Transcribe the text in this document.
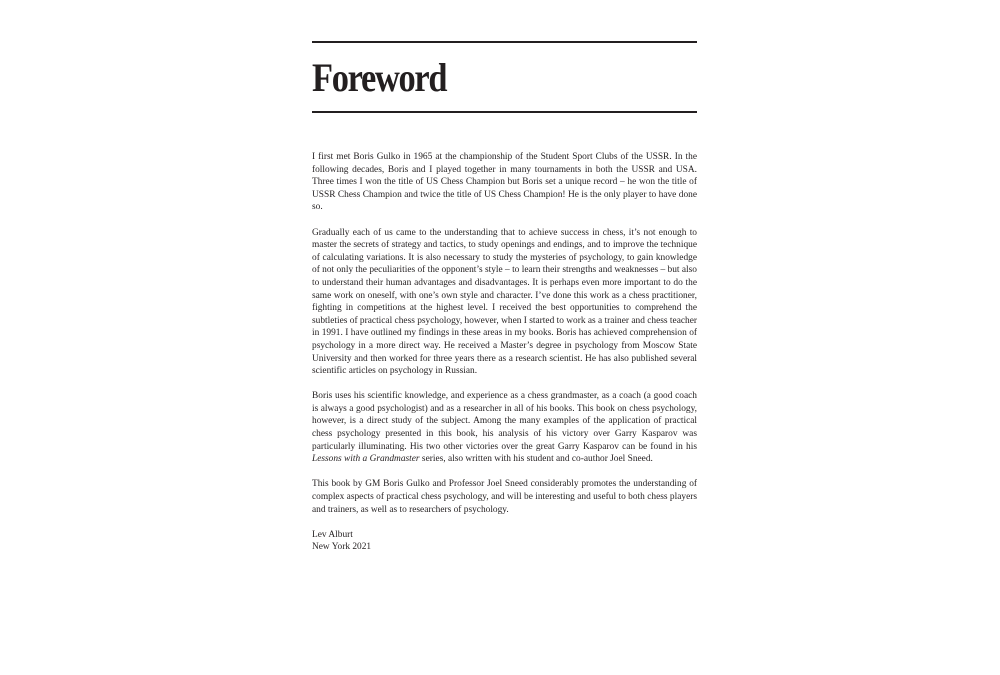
Foreword

I first met Boris Gulko in 1965 at the championship of the Student Sport Clubs of the USSR. In the following decades, Boris and I played together in many tournaments in both the USSR and USA. Three times I won the title of US Chess Champion but Boris set a unique record – he won the title of USSR Chess Champion and twice the title of US Chess Champion! He is the only player to have done so.

Gradually each of us came to the understanding that to achieve success in chess, it’s not enough to master the secrets of strategy and tactics, to study openings and endings, and to improve the technique of calculating variations. It is also necessary to study the mysteries of psychology, to gain knowledge of not only the peculiarities of the opponent’s style – to learn their strengths and weaknesses – but also to understand their human advantages and disadvantages. It is perhaps even more important to do the same work on oneself, with one’s own style and character. I’ve done this work as a chess practitioner, fighting in competitions at the highest level. I received the best opportunities to comprehend the subtleties of practical chess psychology, however, when I started to work as a trainer and chess teacher in 1991. I have outlined my findings in these areas in my books. Boris has achieved comprehension of psychology in a more direct way. He received a Master’s degree in psychology from Moscow State University and then worked for three years there as a research scientist. He has also published several scientific articles on psychology in Russian.

Boris uses his scientific knowledge, and experience as a chess grandmaster, as a coach (a good coach is always a good psychologist) and as a researcher in all of his books. This book on chess psychology, however, is a direct study of the subject. Among the many examples of the application of practical chess psychology presented in this book, his analysis of his victory over Garry Kasparov was particularly illuminating. His two other victories over the great Garry Kasparov can be found in his Lessons with a Grandmaster series, also written with his student and co-author Joel Sneed.

This book by GM Boris Gulko and Professor Joel Sneed considerably promotes the understanding of complex aspects of practical chess psychology, and will be interesting and useful to both chess players and trainers, as well as to researchers of psychology.

Lev Alburt

New York 2021
